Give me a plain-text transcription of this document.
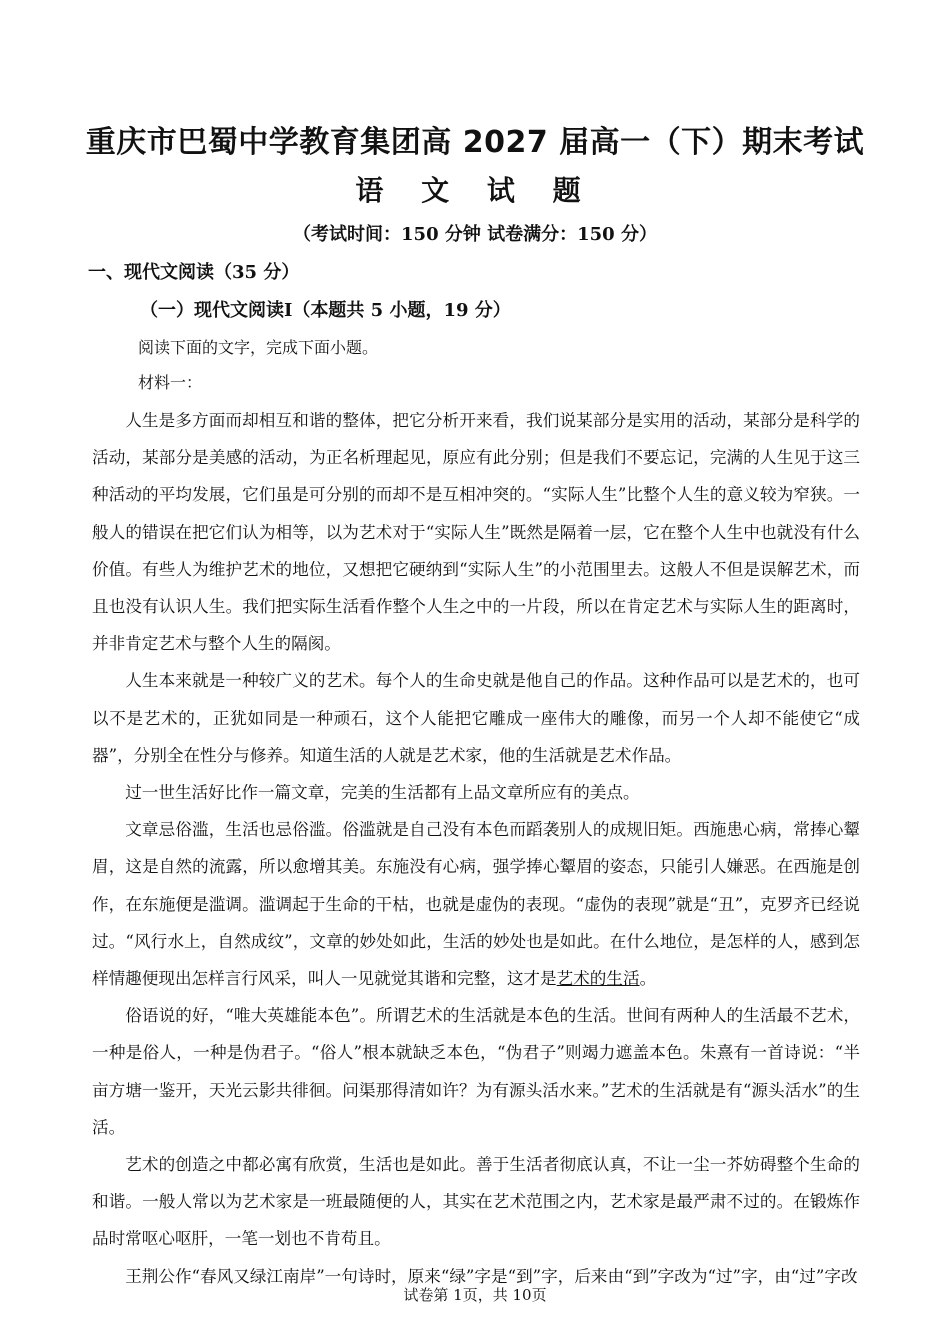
重庆市巴蜀中学教育集团高 2027 届高一（下）期末考试
语 文 试 题
（考试时间：150 分钟 试卷满分：150 分）
一、现代文阅读（35 分）
（一）现代文阅读I（本题共 5 小题，19 分）
阅读下面的文字，完成下面小题。
材料一：

人生是多方面而却相互和谐的整体，把它分析开来看，我们说某部分是实用的活动，某部分是科学的活动，某部分是美感的活动，为正名析理起见，原应有此分别；但是我们不要忘记，完满的人生见于这三种活动的平均发展，它们虽是可分别的而却不是互相冲突的。“实际人生”比整个人生的意义较为窄狭。一般人的错误在把它们认为相等，以为艺术对于“实际人生”既然是隔着一层，它在整个人生中也就没有什么价值。有些人为维护艺术的地位，又想把它硬纳到“实际人生”的小范围里去。这般人不但是误解艺术，而且也没有认识人生。我们把实际生活看作整个人生之中的一片段，所以在肯定艺术与实际人生的距离时，并非肯定艺术与整个人生的隔阂。

人生本来就是一种较广义的艺术。每个人的生命史就是他自己的作品。这种作品可以是艺术的，也可以不是艺术的，正犹如同是一种顽石，这个人能把它雕成一座伟大的雕像，而另一个人却不能使它“成器”，分别全在性分与修养。知道生活的人就是艺术家，他的生活就是艺术作品。

过一世生活好比作一篇文章，完美的生活都有上品文章所应有的美点。

文章忌俗滥，生活也忌俗滥。俗滥就是自己没有本色而蹈袭别人的成规旧矩。西施患心病，常捧心颦眉，这是自然的流露，所以愈增其美。东施没有心病，强学捧心颦眉的姿态，只能引人嫌恶。在西施是创作，在东施便是滥调。滥调起于生命的干枯，也就是虚伪的表现。“虚伪的表现”就是“丑”，克罗齐已经说过。“风行水上，自然成纹”，文章的妙处如此，生活的妙处也是如此。在什么地位，是怎样的人，感到怎样情趣便现出怎样言行风采，叫人一见就觉其谐和完整，这才是艺术的生活。

俗语说的好，“唯大英雄能本色”。所谓艺术的生活就是本色的生活。世间有两种人的生活最不艺术，一种是俗人，一种是伪君子。“俗人”根本就缺乏本色，“伪君子”则竭力遮盖本色。朱熹有一首诗说：“半亩方塘一鉴开，天光云影共徘徊。问渠那得清如许？为有源头活水来。”艺术的生活就是有“源头活水”的生活。

艺术的创造之中都必寓有欣赏，生活也是如此。善于生活者彻底认真，不让一尘一芥妨碍整个生命的和谐。一般人常以为艺术家是一班最随便的人，其实在艺术范围之内，艺术家是最严肃不过的。在锻炼作品时常呕心呕肝，一笔一划也不肯苟且。

王荆公作“春风又绿江南岸”一句诗时，原来“绿”字是“到”字，后来由“到”字改为“过”字，由“过”字改

试卷第 1页，共 10页
